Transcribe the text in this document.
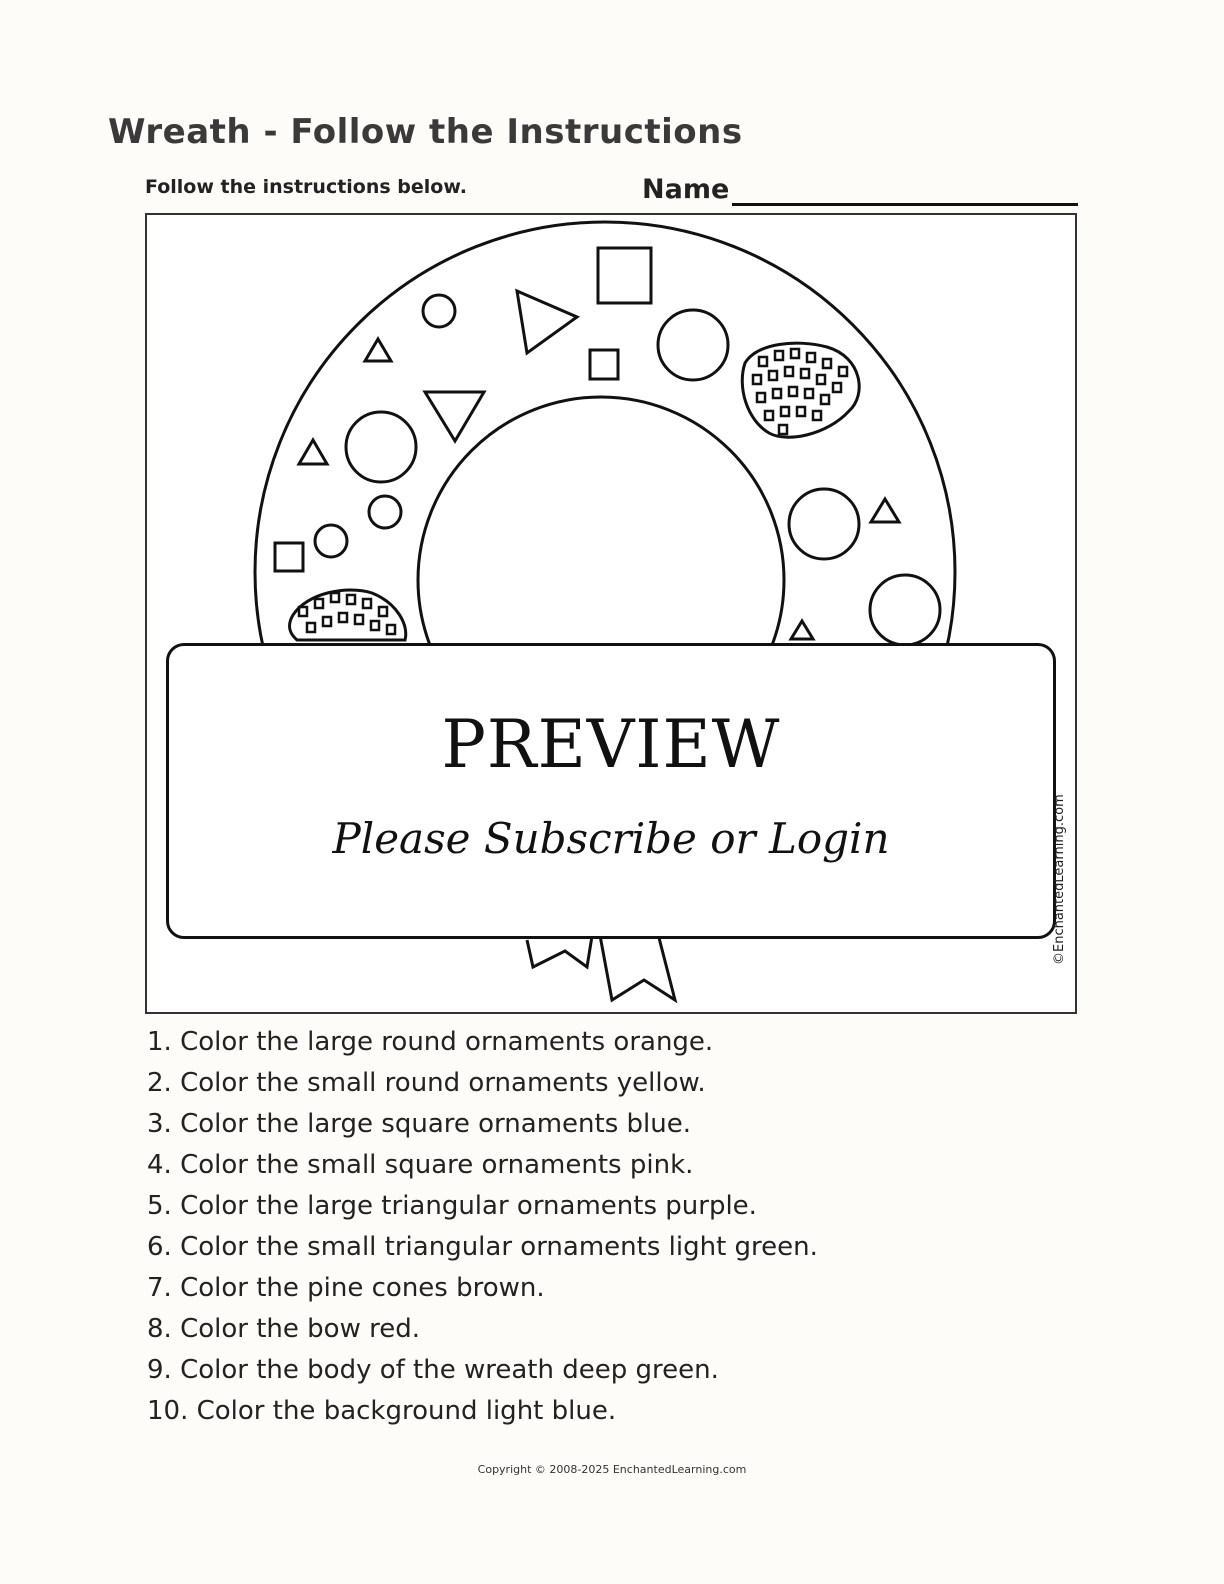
Wreath - Follow the Instructions
Follow the instructions below.	Name
PREVIEW
Please Subscribe or Login	©EnchantedLearning.com
1. Color the large round ornaments orange.
2. Color the small round ornaments yellow.
3. Color the large square ornaments blue.
4. Color the small square ornaments pink.
5. Color the large triangular ornaments purple.
6. Color the small triangular ornaments light green.
7. Color the pine cones brown.
8. Color the bow red.
9. Color the body of the wreath deep green.
10. Color the background light blue.
Copyright © 2008-2025 EnchantedLearning.com
